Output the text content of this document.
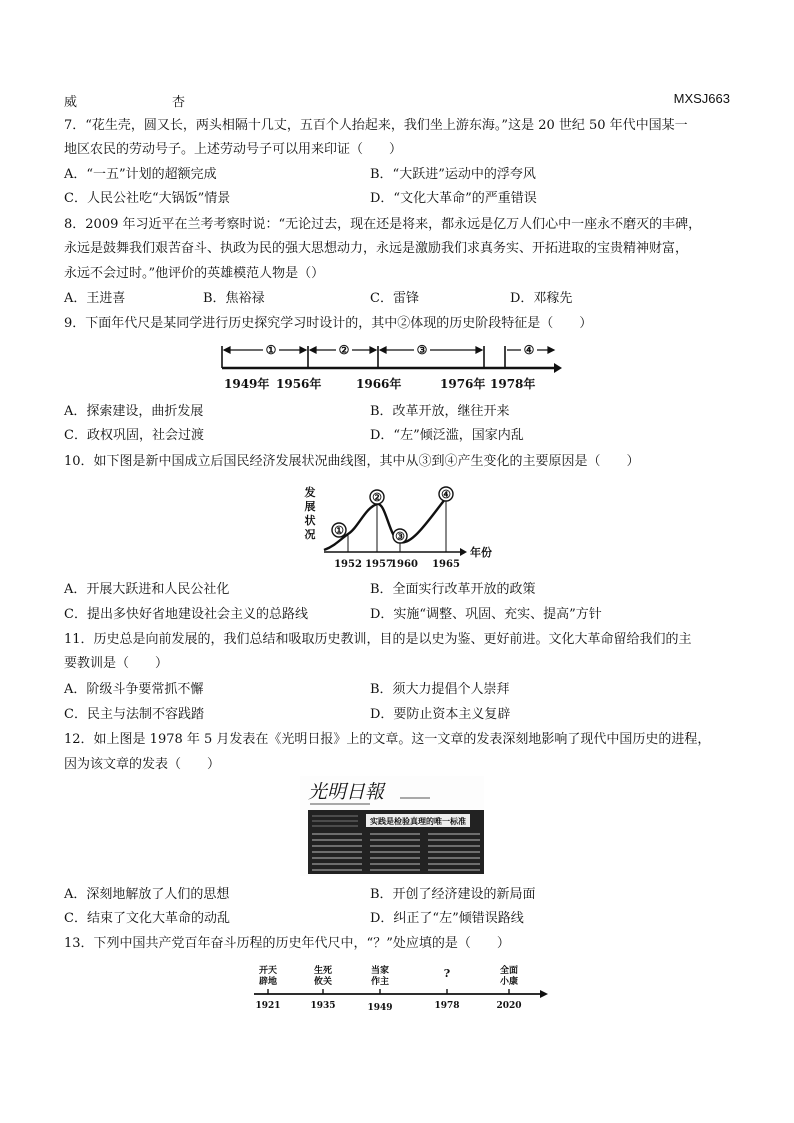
威	杏	MXSJ663
7．“花生壳，圆又长，两头相隔十几丈，五百个人抬起来，我们坐上游东海。”这是 20 世纪 50 年代中国某一
地区农民的劳动号子。上述劳动号子可以用来印证（　　）
A．“一五”计划的超额完成	B．“大跃进”运动中的浮夸风
C．人民公社吃“大锅饭”情景	D．“文化大革命”的严重错误
8．2009 年习近平在兰考考察时说：“无论过去，现在还是将来，都永远是亿万人们心中一座永不磨灭的丰碑，
永远是鼓舞我们艰苦奋斗、执政为民的强大思想动力，永远是激励我们求真务实、开拓进取的宝贵精神财富，
永远不会过时。”他评价的英雄模范人物是（）
A．王进喜	B．焦裕禄	C．雷锋	D．邓稼先
9．下面年代尺是某同学进行历史探究学习时设计的，其中②体现的历史阶段特征是（　　）
①	②	③	④
1949年 1956年	1966年	1976年 1978年
A．探索建设，曲折发展	B．改革开放，继往开来
C．政权巩固，社会过渡	D．“左”倾泛滥，国家内乱
10．如下图是新中国成立后国民经济发展状况曲线图，其中从③到④产生变化的主要原因是（　　）
发
展
状
况
年份
①
②
③
④
1952 1957
1960 1965
A．开展大跃进和人民公社化	B．全面实行改革开放的政策
C．提出多快好省地建设社会主义的总路线	D．实施“调整、巩固、充实、提高”方针
11．历史总是向前发展的，我们总结和吸取历史教训，目的是以史为鉴、更好前进。文化大革命留给我们的主
要教训是（　　）
A．阶级斗争要常抓不懈	B．须大力提倡个人崇拜
C．民主与法制不容践踏	D．要防止资本主义复辟
12．如上图是 1978 年 5 月发表在《光明日报》上的文章。这一文章的发表深刻地影响了现代中国历史的进程，
因为该文章的发表（　　）
光明日報
实践是检验真理的唯一标准
A．深刻地解放了人们的思想	B．开创了经济建设的新局面
C．结束了文化大革命的动乱	D．纠正了“左”倾错误路线
13．下列中国共产党百年奋斗历程的历史年代尺中，“？”处应填的是（　　）
开天
辟地
生死
攸关
当家
作主
?	全面
小康
1921	1935	1949	1978	2020
